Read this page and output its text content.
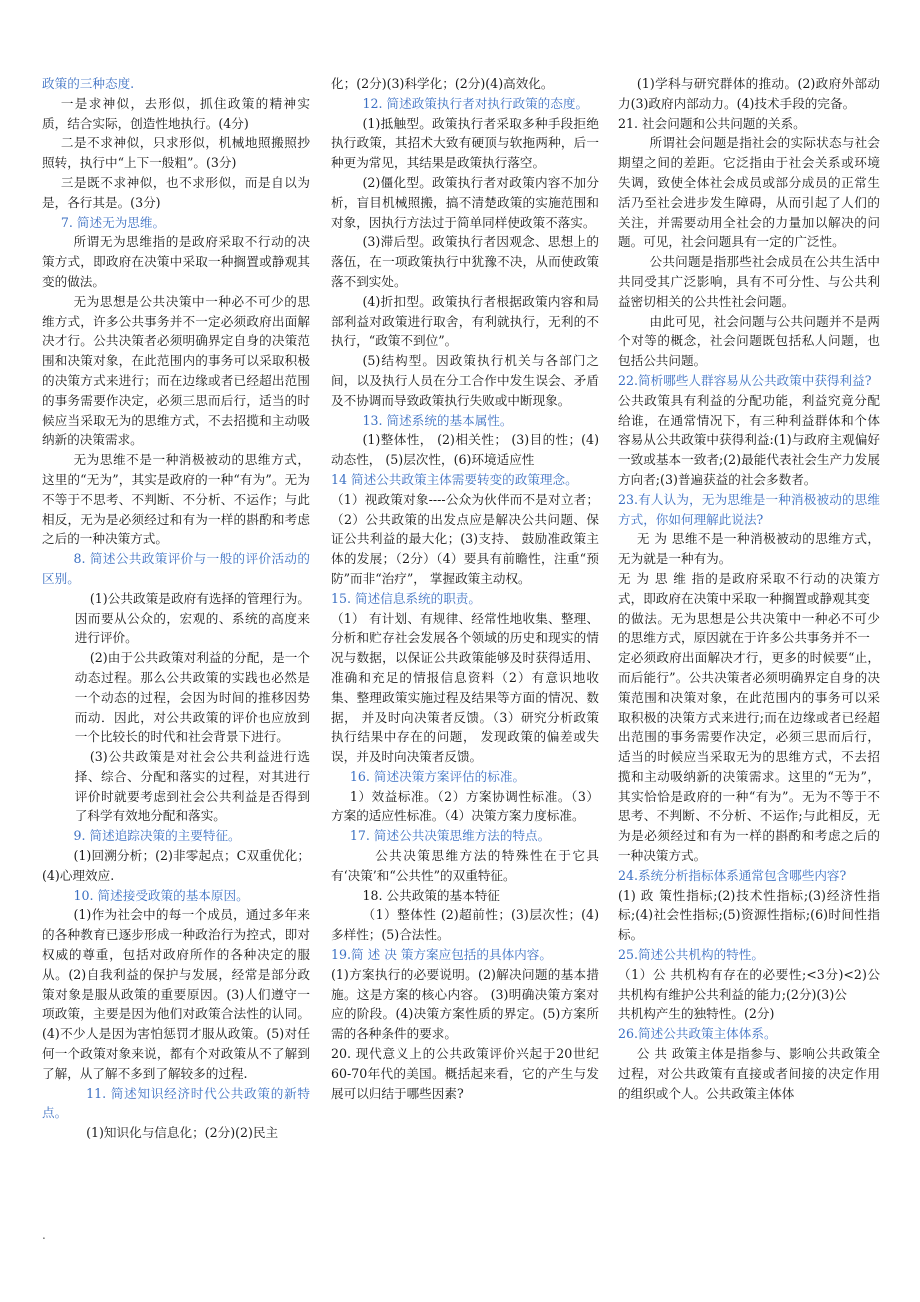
政策的三种态度.

一是求神似，去形似，抓住政策的精神实质，结合实际，创造性地执行。(4分)

二是不求神似，只求形似，机械地照搬照抄照转，执行中“上下一般粗”。(3分)

三是既不求神似，也不求形似，而是自以为是，各行其是。(3分)

7. 简述无为思维。

所谓无为思维指的是政府采取不行动的决策方式，即政府在决策中采取一种搁置或静观其变的做法。

无为思想是公共决策中一种必不可少的思维方式，许多公共事务并不一定必须政府出面解决才行。公共决策者必须明确界定自身的决策范围和决策对象，在此范围内的事务可以采取积极的决策方式来进行；而在边缘或者已经超出范围的事务需要作决定，必须三思而后行，适当的时候应当采取无为的思维方式，不去招揽和主动吸纳新的决策需求。

无为思维不是一种消极被动的思维方式，这里的“无为”，其实是政府的一种“有为”。无为不等于不思考、不判断、不分析、不运作；与此相反，无为是必须经过和有为一样的斟酌和考虑之后的一种决策方式。

8. 简述公共政策评价与一般的评价活动的区别。

(1)公共政策是政府有选择的管理行为。因而要从公众的，宏观的、系统的高度来进行评价。

(2)由于公共政策对利益的分配，是一个动态过程。那么公共政策的实践也必然是一个动态的过程，会因为时间的推移因势而动．因此，对公共政策的评价也应放到一个比较长的时代和社会背景下进行。

(3)公共政策是对社会公共利益进行选择、综合、分配和落实的过程，对其进行评价时就要考虑到社会公共利益是否得到了科学有效地分配和落实。

9. 简述追踪决策的主要特征。

(1)回溯分析；(2)非零起点；C双重优化；(4)心理效应.

10. 简述接受政策的基本原因。

(1)作为社会中的每一个成员，通过多年来的各种教育已逐步形成一种政治行为控式，即对权威的尊重，包括对政府所作的各种决定的服从。(2)自我利益的保护与发展，经常是部分政策对象是服从政策的重要原因。(3)人们遵守一项政策，主要是因为他们对政策合法性的认同。(4)不少人是因为害怕惩罚才服从政策。(5)对任何一个政策对象来说，都有个对政策从不了解到了解，从了解不多到了解较多的过程.

11. 简述知识经济时代公共政策的新特点。

(1)知识化与信息化；(2分)(2)民主

化；(2分)(3)科学化；(2分)(4)高效化。

12. 简述政策执行者对执行政策的态度。

(1)抵触型。政策执行者采取多种手段拒绝执行政策，其招术大致有硬顶与软拖两种，后一种更为常见，其结果是政策执行落空。

(2)僵化型。政策执行者对政策内容不加分析，盲目机械照搬，搞不清楚政策的实施范围和对象，因执行方法过于简单同样使政策不落实。

(3)滞后型。政策执行者因观念、思想上的落伍，在一项政策执行中犹豫不决，从而使政策落不到实处。

(4)折扣型。政策执行者根据政策内容和局部利益对政策进行取舍，有利就执行，无利的不执行，“政策不到位”。

(5)结构型。因政策执行机关与各部门之间，以及执行人员在分工合作中发生误会、矛盾及不协调而导致政策执行失败或中断现象。

13. 简述系统的基本属性。

(1)整体性， (2)相关性； (3)目的性；(4)动态性， (5)层次性，(6)环境适应性

14 简述公共政策主体需要转变的政策理念。

（1）视政策对象----公众为伙伴而不是对立者；（2）公共政策的出发点应是解决公共问题、保证公共利益的最大化；(3)支持、 鼓励准政策主体的发展；（2分）（4）要具有前瞻性，注重“预防”而非“治疗”， 掌握政策主动权。

15. 简述信息系统的职责。

（1） 有计划、有规律、经常性地收集、整理、 分析和贮存社会发展各个领域的历史和现实的情况与数据，以保证公共政策能够及时获得适用、准确和充足的情报信息资料（2）有意识地收集、整理政策实施过程及结果等方面的情况、数据， 并及时向决策者反馈。（3）研究分析政策执行结果中存在的问题， 发现政策的偏差或失误，并及时向决策者反馈。

16. 简述决策方案评估的标准。

1）效益标准。（2）方案协调性标准。（3）方案的适应性标准。（4）决策方案力度标准。

17. 简述公共决策思维方法的特点。

公共决策思维方法的特殊性在于它具有‘决策’和“公共性”的双重特征。

18. 公共政策的基本特征

（1）整体性 (2)超前性；(3)层次性；(4)多样性；(5)合法性。

19.简 述 决 策方案应包括的具体内容。

(1)方案执行的必要说明。(2)解决问题的基本措施。这是方案的核心内容。 (3)明确决策方案对应的阶段。(4)决策方案性质的界定。(5)方案所需的各种条件的要求。

20. 现代意义上的公共政策评价兴起于20世纪60-70年代的美国。概括起来看，它的产生与发展可以归结于哪些因素?

(1)学科与研究群体的推动。(2)政府外部动力(3)政府内部动力。(4)技术手段的完备。

21. 社会问题和公共问题的关系。

所谓社会问题是指社会的实际状态与社会期望之间的差距。它泛指由于社会关系或环境失调，致使全体社会成员或部分成员的正常生活乃至社会进步发生障碍，从而引起了人们的关注，并需要动用全社会的力量加以解决的问题。可见，社会问题具有一定的广泛性。

公共问题是指那些社会成员在公共生活中共同受其广泛影响，具有不可分性、与公共利益密切相关的公共性社会问题。

由此可见，社会问题与公共问题并不是两个对等的概念，社会问题既包括私人问题，也包括公共问题。

22.简析哪些人群容易从公共政策中获得利益?

公共政策具有利益的分配功能，利益究竟分配给谁，在通常情况下，有三种利益群体和个体容易从公共政策中获得利益:(1)与政府主观偏好一致或基本一致者;(2)最能代表社会生产力发展方向者;(3)普遍获益的社会多数者。

23.有人认为，无为思维是一种消极被动的思维方式，你如何理解此说法?

无 为 思维不是一种消极被动的思维方式，无为就是一种有为。

无 为 思 维 指的是政府采取不行动的决策方式，即政府在决策中采取一种搁置或静观其变

的做法。无为思想是公共决策中一种必不可少的思维方式，原因就在于许多公共事务并不一

定必须政府出面解决才行，更多的时候要“止，而后能行”。公共决策者必须明确界定自身的决策范围和决策对象，在此范围内的事务可以采取积极的决策方式来进行;而在边缘或者已经超出范围的事务需要作决定，必须三思而后行，适当的时候应当采取无为的思维方式，不去招揽和主动吸纳新的决策需求。这里的“无为”，其实恰恰是政府的一种“有为”。无为不等于不思考、不判断、不分析、不运作;与此相反，无为是必须经过和有为一样的斟酌和考虑之后的一种决策方式。

24.系统分析指标体系通常包含哪些内容?

(1) 政 策性指标;(2)技术性指标;(3)经济性指标;(4)社会性指标;(5)资源性指标;(6)时间性指标。

25.简述公共机构的特性。

（1）公 共机构有存在的必要性;<3分)<2)公共机构有维护公共利益的能力;(2分)(3)公

共机构产生的独特性。(2分)

26.简述公共政策主体体系。

公 共 政策主体是指参与、影响公共政策全过程，对公共政策有直接或者间接的决定作用的组织或个人。公共政策主体体

.
